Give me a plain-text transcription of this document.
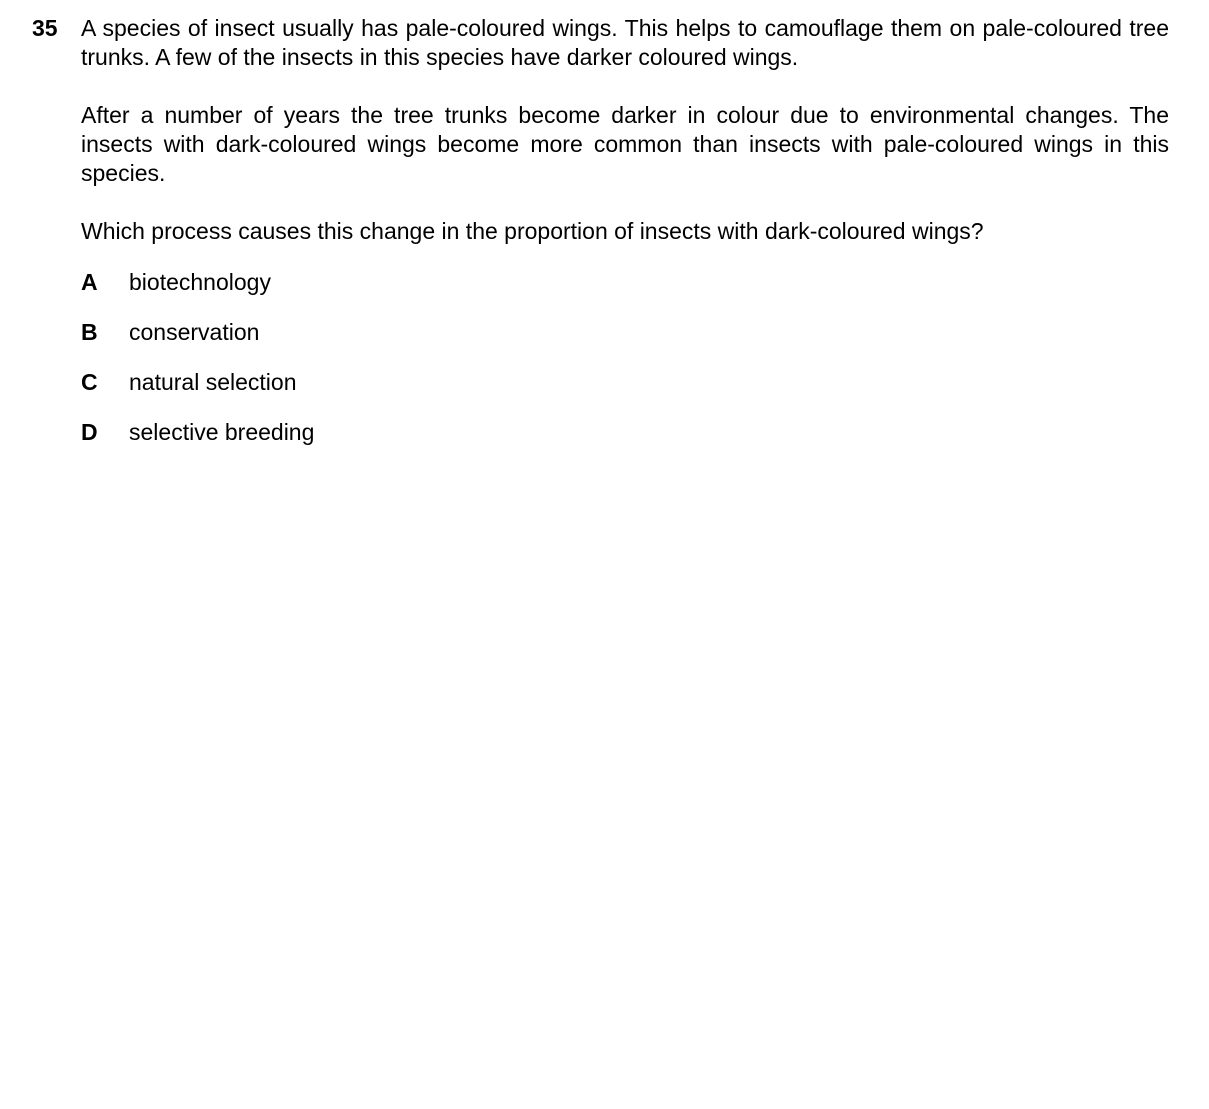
35 A species of insect usually has pale-coloured wings. This helps to camouflage them on pale-coloured tree trunks. A few of the insects in this species have darker coloured wings.

After a number of years the tree trunks become darker in colour due to environmental changes. The insects with dark-coloured wings become more common than insects with pale-coloured wings in this species.

Which process causes this change in the proportion of insects with dark-coloured wings?

A	biotechnology
B	conservation
C	natural selection
D	selective breeding
